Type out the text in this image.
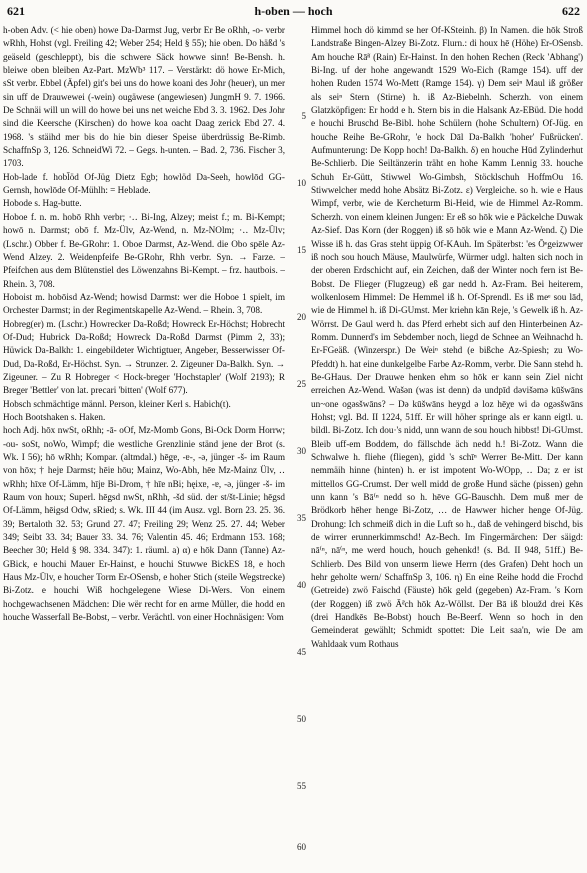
621	h-oben — hoch	622

h-oben Adv. (< hie oben) howe Da-Darmst Jug, verbr Er Be oRhh, -o- verbr wRhh, Hohst (vgl. Freiling 42; Weber 254; Held § 55); hie oben. Do häßd 's geäseld (geschleppt), bis die schwere Säck howwe sinn! Be-Bensh. h. bleiwe oben bleiben Az-Part. MzWb³ 117. – Verstärkt: dö howe Er-Mich, sSt verbr. Ebbel (Äpfel) git's bei uns do howe koani des Johr (heuer), un mer sin uff de Drauwewei (-wein) ougäwese (angewiesen) JungmH 9. 7. 1966. De Schnäi will un will do howe bei uns net weiche Ebd 3. 3. 1962. Des Johr sind die Keersche (Kirschen) do howe koa oacht Daag zerick Ebd 27. 4. 1968. 's stäihd mer bis do hie bin dieser Speise überdrüssig Be-Rimb. SchaffnSp 3, 126. SchneidWi 72. – Gegs. h-unten. – Bad. 2, 736. Fischer 3, 1703.

Hob-lade f. hobl̄öd Of-Jüg Dietz Egb; howlöd Da-Seeh, howlōd GG-Gernsh, howlōde Of-Mühlh: = Heblade.

Hobode s. Hag-butte.

Hoboe f. n. m. hobō Rhh verbr; ·‥ Bi-Ing, Alzey; meist f.; m. Bi-Kempt; howō n. Darmst; obō f. Mz-Ülv, Az-Wend, n. Mz-NOlm; ·‥ Mz-Ülv; (Lschr.) Obber f. Be-GRohr: 1. Oboe Darmst, Az-Wend. die Obo spēle Az-Wend Alzey. 2. Weidenpfeife Be-GRohr, Rhh verbr. Syn. → Farze. – Pfeifchen aus dem Blütenstiel des Löwenzahns Bi-Kempt. – frz. hautbois. – Rhein. 3, 708.

Hoboist m. hobōisd Az-Wend; howisd Darmst: wer die Hoboe 1 spielt, im Orchester Darmst; in der Regimentskapelle Az-Wend. – Rhein. 3, 708.

Hobreg(er) m. (Lschr.) Howrecker Da-Roßd; Howreck Er-Höchst; Hobrecht Of-Dud; Hubrick Da-Roßd; Howreck Da-Roßd Darmst (Pimm 2, 33); Hüwick Da-Balkh: 1. eingebildeter Wichtigtuer, Angeber, Besserwisser Of-Dud, Da-Roßd, Er-Höchst. Syn. → Strunzer. 2. Zigeuner Da-Balkh. Syn. → Zigeuner. – Zu R Hobreger < Hock-breger 'Hochstapler' (Wolf 2193); R Breger 'Bettler' von lat. precari 'bitten' (Wolf 677).

Hobsch schmächtige männl. Person, kleiner Kerl s. Habich(t).

Hoch Bootshaken s. Haken.

hoch Adj. hōx nwSt, oRhh; -ā- oOf, Mz-Momb Gons, Bi-Ock Dorm Horrw; -ou- soSt, noWo, Wimpf; die westliche Grenzlinie ständ jene der Brot (s. Wk. I 56); hō wRhh; Kompar. (altmdal.) hēgɐ, -ɐ-, -ə, jünger -š- im Raum von hōx; † hejɐ Darmst; hēiɐ hōu; Mainz, Wo-Abh, hēɐ Mz-Mainz Ülv, ‥ wRhh; hīxɐ Of-Lämm, hījɐ Bi-Drom, † hīɐ nBi; hęixɐ, -ɐ, -ə, jünger -š- im Raum von houx; Superl. hēgsd nwSt, nRhh, -šd süd. der st/št-Linie; hēgsd Of-Lämm, hēigsd Odw, sRied; s. Wk. III 44 (im Ausz. vgl. Born 23. 25. 36. 39; Bertaloth 32. 53; Grund 27. 47; Freiling 29; Wenz 25. 27. 44; Weber 349; Seibt 33. 34; Bauer 33. 34. 76; Valentin 45. 46; Erdmann 153. 168; Beecher 30; Held § 98. 334. 347): 1. räuml. a) α) e hōk Dann (Tanne) Az-GBick, e houchi Mauer Er-Hainst, e houchi Stuwwe BickES 18, e hoch Haus Mz-Ülv, e houcher Torm Er-OSensb, e hoher Stich (steile Wegstrecke) Bi-Zotz. e houchi Wiß hochgelegene Wiese Di-Wers. Von einem hochgewachsenen Mädchen: Die wër recht for en arme Müller, die hodd en houche Wasserfall Be-Bobst, – verbr. Verächtl. von einer Hochnäsigen: Vom

5
10
15
20
25
30
35
40
45
50
55
60

Himmel hoch dö kimmd se her Of-KSteinh. β) In Namen. die hōk Stroß Landstraße Bingen-Alzey Bi-Zotz. Flurn.: di houx hē (Höhe) Er-OSensb. Am houche Rā̃ⁿ (Rain) Er-Hainst. In den hohen Rechen (Reck 'Abhang') Bi-Ing. uf der hohe angewandt 1529 Wo-Eich (Ramge 154). uff der hohen Ruden 1574 Wo-Mett (Ramge 154). γ) Dem seiⁿ Maul iß größer als seiⁿ Stern (Stirne) h. iß Az-Biebelnh. Scherzh. von einem Glatzköpfigen: Er hodd e h. Stern bis in die Halsank Az-EBüd. Die hodd e houchi Bruschd Be-Bibl. hohe Schülern (hohe Schultern) Of-Jüg. en houche Reihe Be-GRohr, 'e hock Dāl Da-Balkh 'hoher' Fußrücken'. Aufmunterung: De Kopp hoch! Da-Balkh. δ) en houche Hūd Zylinderhut Be-Schlierb. Die Seiltänzerin träht en hohe Kamm Lennig 33. houche Schuh Er-Gütt, Stiwwel Wo-Gimbsh, Stöcklschuh HoffmOu 16. Stiwwelcher medd hohe Absätz Bi-Zotz. ε) Vergleiche. so h. wie e Haus Wimpf, verbr, wie de Kercheturm Bi-Heid, wie de Himmel Az-Romm. Scherzh. von einem kleinen Jungen: Er eß so hōk wie e Päckelche Duwak Az-Sief. Das Korn (der Roggen) iß sō hōk wie e Mann Az-Wend. ζ) Die Wisse iß h. das Gras steht üppig Of-KAuh. Im Späterbst: 'es Ōᵉgeizwwer iß noch sou houch Mäuse, Maulwürfe, Würmer udgl. halten sich noch in der oberen Erdschicht auf, ein Zeichen, daß der Winter noch fern ist Be-Bobst. De Flieger (Flugzeug) eß gar nedd h. Az-Fram. Bei heiterem, wolkenlosem Himmel: De Hemmel iß h. Of-Sprendl. Es iß meᵉ sou lād, wie de Himmel h. iß Di-GUmst. Mer kriehn kān Reje, 's Gewelk iß h. Az-Wörrst. De Gaul werd h. das Pferd erhebt sich auf den Hinterbeinen Az-Romm. Dunnerd's im Sebdember noch, liegd de Schnee an Weihnachd h. Er-FGeäß. (Winzerspr.) De Weiⁿ stehd (e bißche Az-Spiesh; zu Wo-Pfeddt) h. hat eine dunkelgelbe Farbe Az-Romm, verbr. Die Sann stehd h. Be-GHaus. Der Drauwe henken ehm so hōk er kann sein Ziel nicht erreichen Az-Wend. Wašən (was ist denn) də undpīd dəvišəmə kūšwāns un~one ogəsšwāns? – Də kūšwāns heygd ə loz hēχɐ wi də ogəsšwāns Hohst; vgl. Bd. II 1224, 51ff. Er will höher springe als er kann eigtl. u. bildl. Bi-Zotz. Ich dou·'s nidd, unn wann de sou houch hibbst! Di-GUmst. Bleib uff-em Boddem, do fällschde äch nedd h.! Bi-Zotz. Wann die Schwalwe h. fliehe (fliegen), gidd 's schīⁿ Werrer Be-Mitt. Der kann nemmäih hinne (hinten) h. er ist impotent Wo-WOpp, ‥ Da; z er ist mittellos GG-Crumst. Der well midd de große Hund säche (pissen) gehn unn kann 's Bā⁽ⁿ nedd so h. hēve GG-Bauschh. Dem muß mer de Brödkorb hēher henge Bi-Zotz, … de Hawwer hicher henge Of-Jüg. Drohung: Ich schmeiß dich in die Luft so h., daß de vehingerd bischd, bis de wirrer erunnerkimmschd! Az-Bech. Im Fingermärchen: Der säigd: nā⁽ⁿ, nā⁽ⁿ, me werd houch, houch gehenkd! (s. Bd. II 948, 51ff.) Be-Schlierb. Des Bild von unserm liewe Herrn (des Grafen) Deht hoch un hehr geholte wern/ SchaffnSp 3, 106. η) En eine Reihe hodd die Frochd (Getreide) zwö Faischd (Fäuste) hōk geld (gegeben) Az-Fram. 's Korn (der Roggen) iß zwö Ā̃ᵉch hōk Az-Wöllst. Der Bā iß bloužd drei Kēs (drei Handkēs Be-Bobst) houch Be-Beerf. Wenn so hoch in den Gemeinderat gewählt; Schmidt spottet: Die Leit saa'n, wie De am Wahldaak vum Rothaus
